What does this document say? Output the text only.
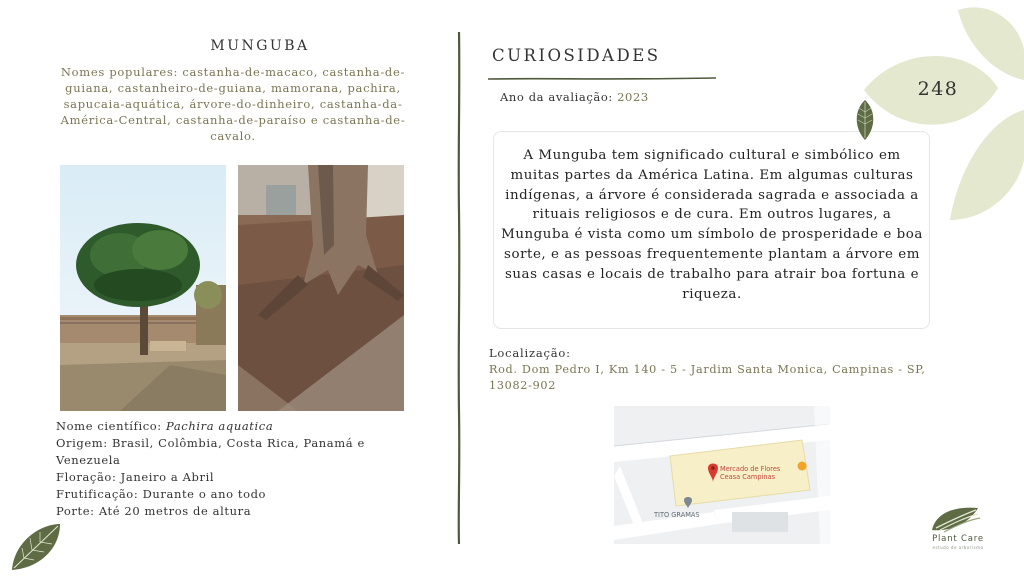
MUNGUBA
Nomes populares: castanha-de-macaco, castanha-de-guiana, castanheiro-de-guiana, mamorana, pachira, sapucaia-aquática, árvore-do-dinheiro, castanha-da-América-Central, castanha-de-paraíso e castanha-de-cavalo.
Nome científico: Pachira aquatica
Origem: Brasil, Colômbia, Costa Rica, Panamá e Venezuela
Floração: Janeiro a Abril
Frutificação: Durante o ano todo
Porte: Até 20 metros de altura
CURIOSIDADES
Ano da avaliação: 2023	248
A Munguba tem significado cultural e simbólico em muitas partes da América Latina. Em algumas culturas indígenas, a árvore é considerada sagrada e associada a rituais religiosos e de cura. Em outros lugares, a Munguba é vista como um símbolo de prosperidade e boa sorte, e as pessoas frequentemente plantam a árvore em suas casas e locais de trabalho para atrair boa fortuna e riqueza.
Localização:
Rod. Dom Pedro I, Km 140 - 5 - Jardim Santa Monica, Campinas - SP, 13082-902
Mercado de Flores
Ceasa Campinas
TITO GRAMAS
Plant Care
estudo de arborismo
